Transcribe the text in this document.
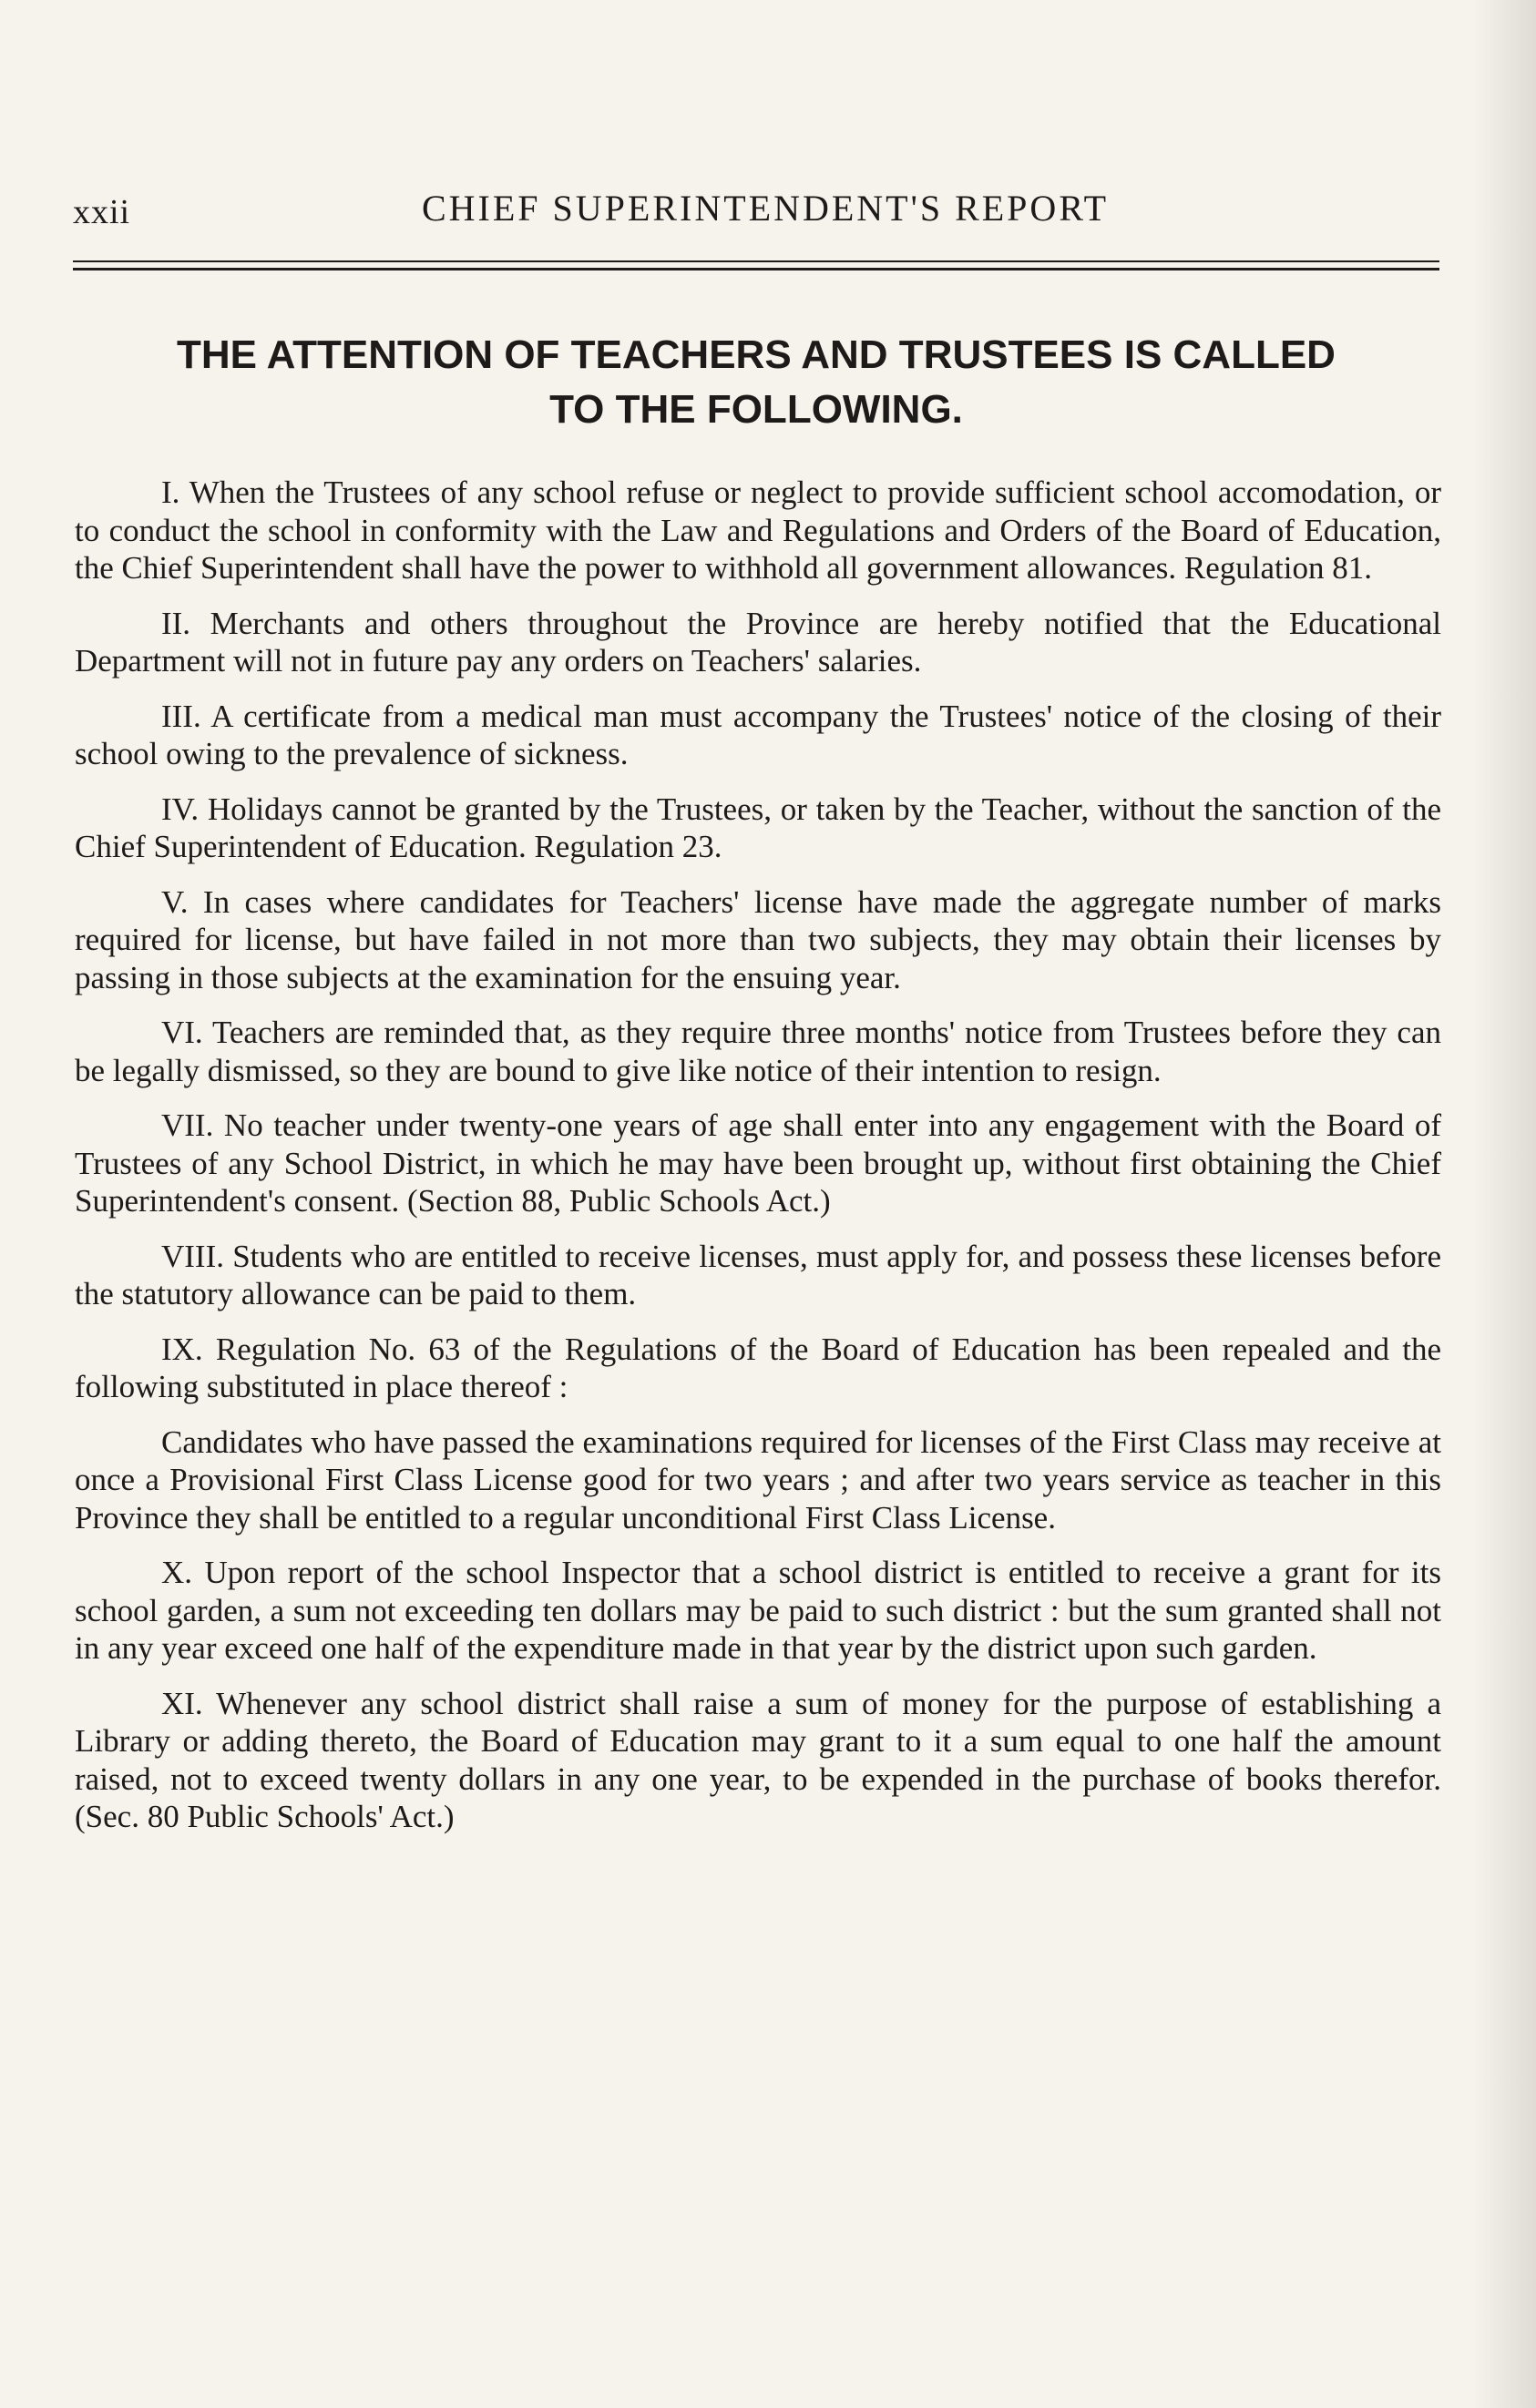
xxii	CHIEF SUPERINTENDENT'S REPORT
THE ATTENTION OF TEACHERS AND TRUSTEES IS CALLED
TO THE FOLLOWING.

I. When the Trustees of any school refuse or neglect to provide sufficient school accomodation, or to conduct the school in conformity with the Law and Regulations and Orders of the Board of Education, the Chief Superintendent shall have the power to withhold all government allowances. Regulation 81.

II. Merchants and others throughout the Province are hereby notified that the Educational Department will not in future pay any orders on Teachers' salaries.

III. A certificate from a medical man must accompany the Trustees' notice of the closing of their school owing to the prevalence of sickness.

IV. Holidays cannot be granted by the Trustees, or taken by the Teacher, without the sanction of the Chief Superintendent of Education. Regulation 23.

V. In cases where candidates for Teachers' license have made the aggregate number of marks required for license, but have failed in not more than two subjects, they may obtain their licenses by passing in those subjects at the examination for the ensuing year.

VI. Teachers are reminded that, as they require three months' notice from Trustees before they can be legally dismissed, so they are bound to give like notice of their intention to resign.

VII. No teacher under twenty-one years of age shall enter into any engagement with the Board of Trustees of any School District, in which he may have been brought up, without first obtaining the Chief Superintendent's consent. (Section 88, Public Schools Act.)

VIII. Students who are entitled to receive licenses, must apply for, and possess these licenses before the statutory allowance can be paid to them.

IX. Regulation No. 63 of the Regulations of the Board of Education has been repealed and the following substituted in place thereof :

Candidates who have passed the examinations required for licenses of the First Class may receive at once a Provisional First Class License good for two years ; and after two years service as teacher in this Province they shall be entitled to a regular unconditional First Class License.

X. Upon report of the school Inspector that a school district is entitled to receive a grant for its school garden, a sum not exceeding ten dollars may be paid to such district : but the sum granted shall not in any year exceed one half of the expenditure made in that year by the district upon such garden.

XI. Whenever any school district shall raise a sum of money for the purpose of establishing a Library or adding thereto, the Board of Education may grant to it a sum equal to one half the amount raised, not to exceed twenty dollars in any one year, to be expended in the purchase of books therefor. (Sec. 80 Public Schools' Act.)
